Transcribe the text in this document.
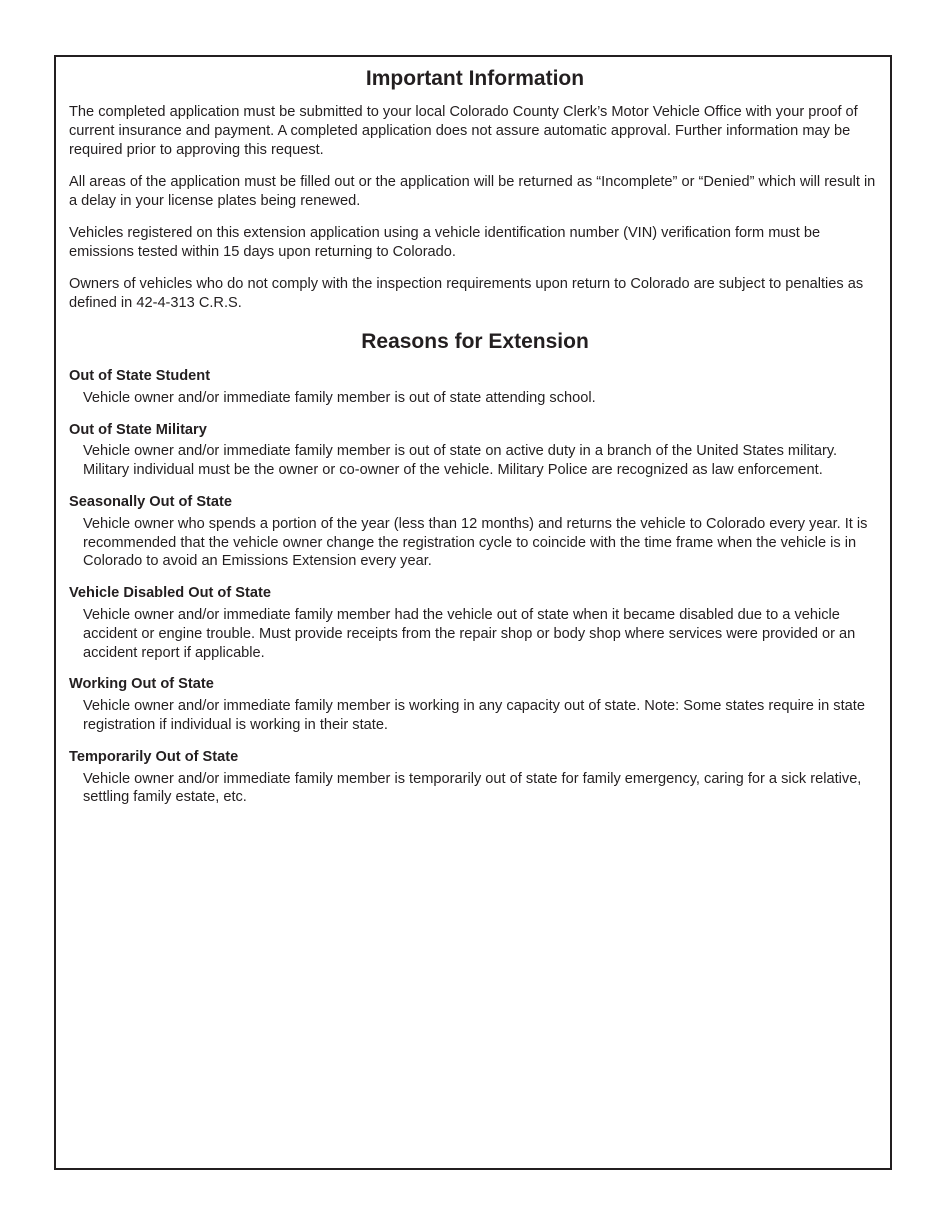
Important Information

The completed application must be submitted to your local Colorado County Clerk’s Motor Vehicle Office with your proof of current insurance and payment. A completed application does not assure automatic approval. Further information may be required prior to approving this request.

All areas of the application must be filled out or the application will be returned as “Incomplete” or “Denied” which will result in a delay in your license plates being renewed.

Vehicles registered on this extension application using a vehicle identification number (VIN) verification form must be emissions tested within 15 days upon returning to Colorado.

Owners of vehicles who do not comply with the inspection requirements upon return to Colorado are subject to penalties as defined in 42-4-313 C.R.S.

Reasons for Extension
Out of State Student
Vehicle owner and/or immediate family member is out of state attending school.
Out of State Military
Vehicle owner and/or immediate family member is out of state on active duty in a branch of the United States military. Military individual must be the owner or co-owner of the vehicle. Military Police are recognized as law enforcement.
Seasonally Out of State
Vehicle owner who spends a portion of the year (less than 12 months) and returns the vehicle to Colorado every year. It is recommended that the vehicle owner change the registration cycle to coincide with the time frame when the vehicle is in Colorado to avoid an Emissions Extension every year.
Vehicle Disabled Out of State
Vehicle owner and/or immediate family member had the vehicle out of state when it became disabled due to a vehicle accident or engine trouble. Must provide receipts from the repair shop or body shop where services were provided or an accident report if applicable.
Working Out of State
Vehicle owner and/or immediate family member is working in any capacity out of state. Note: Some states require in state registration if individual is working in their state.
Temporarily Out of State
Vehicle owner and/or immediate family member is temporarily out of state for family emergency, caring for a sick relative, settling family estate, etc.
